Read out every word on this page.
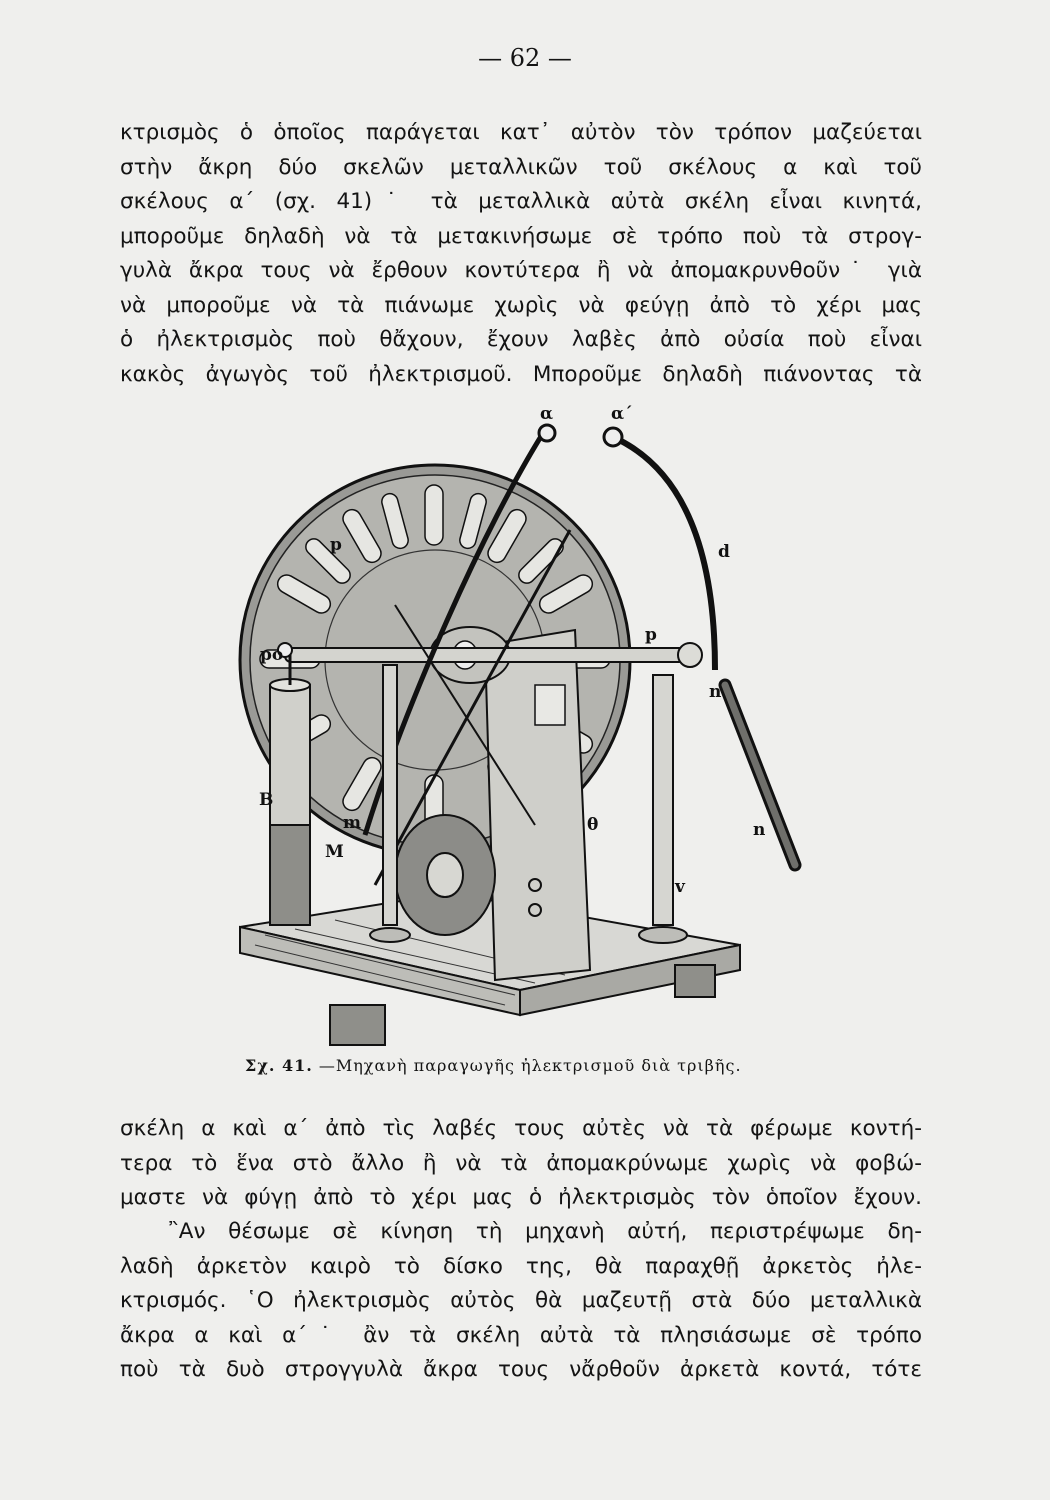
— 62 —

κτρισμὸς ὁ ὁποῖος παράγεται κατ᾽ αὐτὸν τὸν τρόπον μαζεύεται
στὴν ἄκρη δύο σκελῶν μεταλλικῶν τοῦ σκέλους α καὶ τοῦ
σκέλους α΄ (σχ. 41)˙ τὰ μεταλλικὰ αὐτὰ σκέλη εἶναι κινητά,
μποροῦμε δηλαδὴ νὰ τὰ μετακινήσωμε σὲ τρόπο ποὺ τὰ στρογ-
γυλὰ ἄκρα τους νὰ ἔρθουν κοντύτερα ἢ νὰ ἀπομακρυνθοῦν˙ γιὰ
νὰ μποροῦμε νὰ τὰ πιάνωμε χωρὶς νὰ φεύγῃ ἀπὸ τὸ χέρι μας
ὁ ἠλεκτρισμὸς ποὺ θἄχουν, ἔχουν λαβὲς ἀπὸ οὐσία ποὺ εἶναι
κακὸς ἀγωγὸς τοῦ ἠλεκτρισμοῦ. Μποροῦμε δηλαδὴ πιάνοντας τὰ

α	α΄
d
p
pο
p
n
B
m
M
θ	n
v
Σχ. 41. —Μηχανὴ παραγωγῆς ἠλεκτρισμοῦ διὰ τριβῆς.

σκέλη α καὶ α΄ ἀπὸ τὶς λαβές τους αὐτὲς νὰ τὰ φέρωμε κοντή-
τερα τὸ ἕνα στὸ ἄλλο ἢ νὰ τὰ ἀπομακρύνωμε χωρὶς νὰ φοβώ-
μαστε νὰ φύγῃ ἀπὸ τὸ χέρι μας ὁ ἠλεκτρισμὸς τὸν ὁποῖον ἔχουν.

῍Αν θέσωμε σὲ κίνηση τὴ μηχανὴ αὐτή, περιστρέψωμε δη-
λαδὴ ἀρκετὸν καιρὸ τὸ δίσκο της, θὰ παραχθῇ ἀρκετὸς ἠλε-
κτρισμός. ῾Ο ἠλεκτρισμὸς αὐτὸς θὰ μαζευτῇ στὰ δύο μεταλλικὰ
ἄκρα α καὶ α΄˙ ἂν τὰ σκέλη αὐτὰ τὰ πλησιάσωμε σὲ τρόπο
ποὺ τὰ δυὸ στρογγυλὰ ἄκρα τους νἄρθοῦν ἀρκετὰ κοντά, τότε
